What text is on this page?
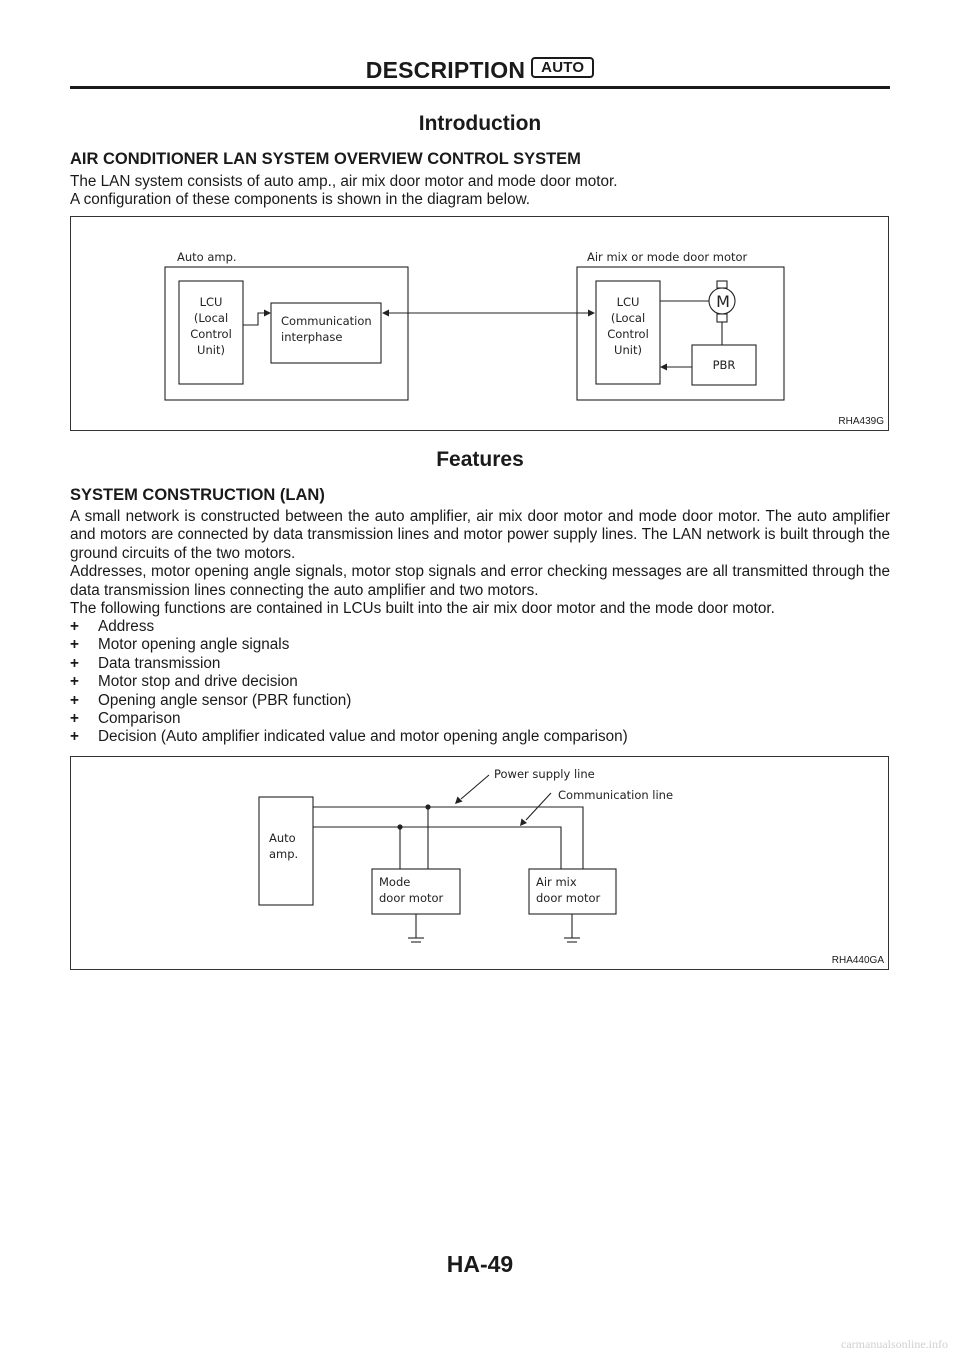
DESCRIPTION AUTO
Introduction
AIR CONDITIONER LAN SYSTEM OVERVIEW CONTROL SYSTEM

The LAN system consists of auto amp., air mix door motor and mode door motor.

A configuration of these components is shown in the diagram below.

Auto amp.	Air mix or mode door motor
LCU
(Local
Control
Unit)
LCU
(Local
Control
Unit)
PBR
M
Communication
interphase
RHA439G
Features
SYSTEM CONSTRUCTION (LAN)

A small network is constructed between the auto amplifier, air mix door motor and mode door motor. The auto amplifier and motors are connected by data transmission lines and motor power supply lines. The LAN network is built through the ground circuits of the two motors.

Addresses, motor opening angle signals, motor stop signals and error checking messages are all transmitted through the data transmission lines connecting the auto amplifier and two motors.

The following functions are contained in LCUs built into the air mix door motor and the mode door motor.

+ Address
+ Motor opening angle signals
+ Data transmission
+ Motor stop and drive decision
+ Opening angle sensor (PBR function)
+ Comparison
+ Decision (Auto amplifier indicated value and motor opening angle comparison)
Power supply line
Communication line
Auto
amp.
Mode
door motor
Air mix
door motor
RHA440GA
HA-49
carmanualsonline.info
